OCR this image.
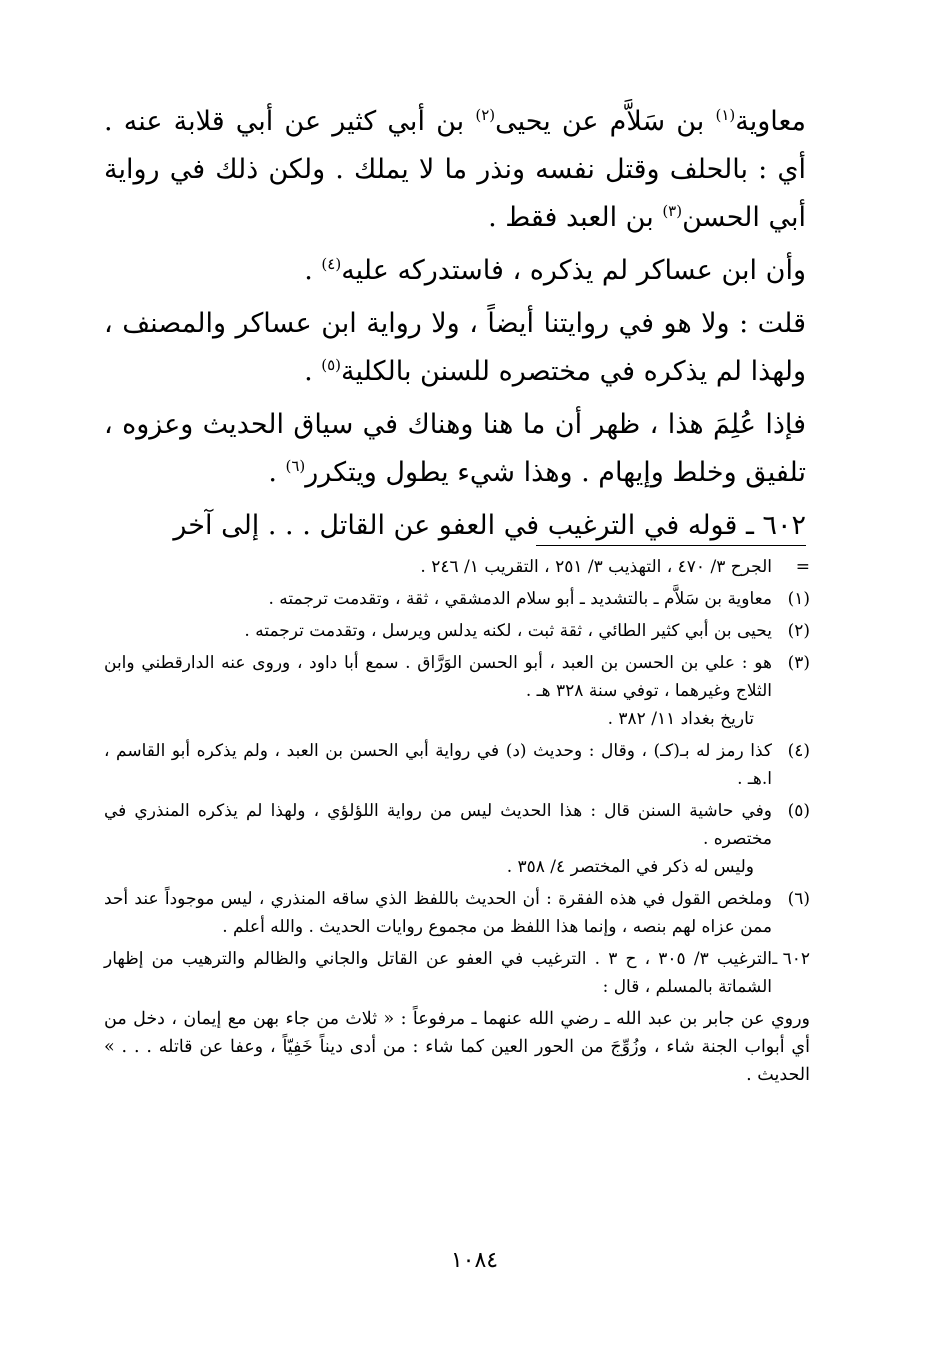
معاوية$^{(١)}$ بن سَلاَّم عن يحيى$^{(٢)}$ بن أبي كثير عن أبي قلابة عنه . أي : بالحلف وقتل نفسه ونذر ما لا يملك . ولكن ذلك في رواية أبي الحسن$^{(٣)}$ بن العبد فقط .

وأن ابن عساكر لم يذكره ، فاستدركه عليه$^{(٤)}$ .

قلت : ولا هو في روايتنا أيضاً ، ولا رواية ابن عساكر والمصنف ، ولهذا لم يذكره في مختصره للسنن بالكلية$^{(٥)}$ .

فإذا عُلِمَ هذا ، ظهر أن ما هنا وهناك في سياق الحديث وعزوه ، تلفيق وخلط وإيهام . وهذا شيء يطول ويتكرر$^{(٦)}$ .

٦٠٢ ـ قوله في الترغيب في العفو عن القاتل . . . إلى آخر

=
الجرح ٣/ ٤٧٠ ، التهذيب ٣/ ٢٥١ ، التقريب ١/ ٢٤٦ .
(١)
معاوية بن سَلاَّم ـ بالتشديد ـ أبو سلام الدمشقي ، ثقة ، وتقدمت ترجمته .
(٢)
يحيى بن أبي كثير الطائي ، ثقة ثبت ، لكنه يدلس ويرسل ، وتقدمت ترجمته .
(٣)
هو : علي بن الحسن بن العبد ، أبو الحسن الوَرَّاق . سمع أبا داود ، وروى عنه الدارقطني وابن الثلاج وغيرهما ، توفي سنة ٣٢٨ هـ .
تاريخ بغداد ١١/ ٣٨٢ .
(٤)
كذا رمز له بـ(كـ) ، وقال : وحديث (د) في رواية أبي الحسن بن العبد ، ولم يذكره أبو القاسم ، ا.هـ .
(٥)
وفي حاشية السنن قال : هذا الحديث ليس من رواية اللؤلؤي ، ولهذا لم يذكره المنذري في مختصره .
وليس له ذكر في المختصر ٤/ ٣٥٨ .
(٦)
وملخص القول في هذه الفقرة : أن الحديث باللفظ الذي ساقه المنذري ، ليس موجوداً عند أحد ممن عزاه لهم بنصه ، وإنما هذا اللفظ من مجموع روايات الحديث . والله أعلم .
٦٠٢ ـ
الترغيب ٣/ ٣٠٥ ، ح ٣ . الترغيب في العفو عن القاتل والجاني والظالم والترهيب من إظهار الشماتة بالمسلم ، قال :
وروي عن جابر بن عبد الله ـ رضي الله عنهما ـ مرفوعاً : « ثلاث من جاء بهن مع إيمان ، دخل من أي أبواب الجنة شاء ، وزُوِّجَ من الحور العين كما شاء : من أدى ديناً خَفِيّاً ، وعفا عن قاتله . . . » الحديث .
١٠٨٤
